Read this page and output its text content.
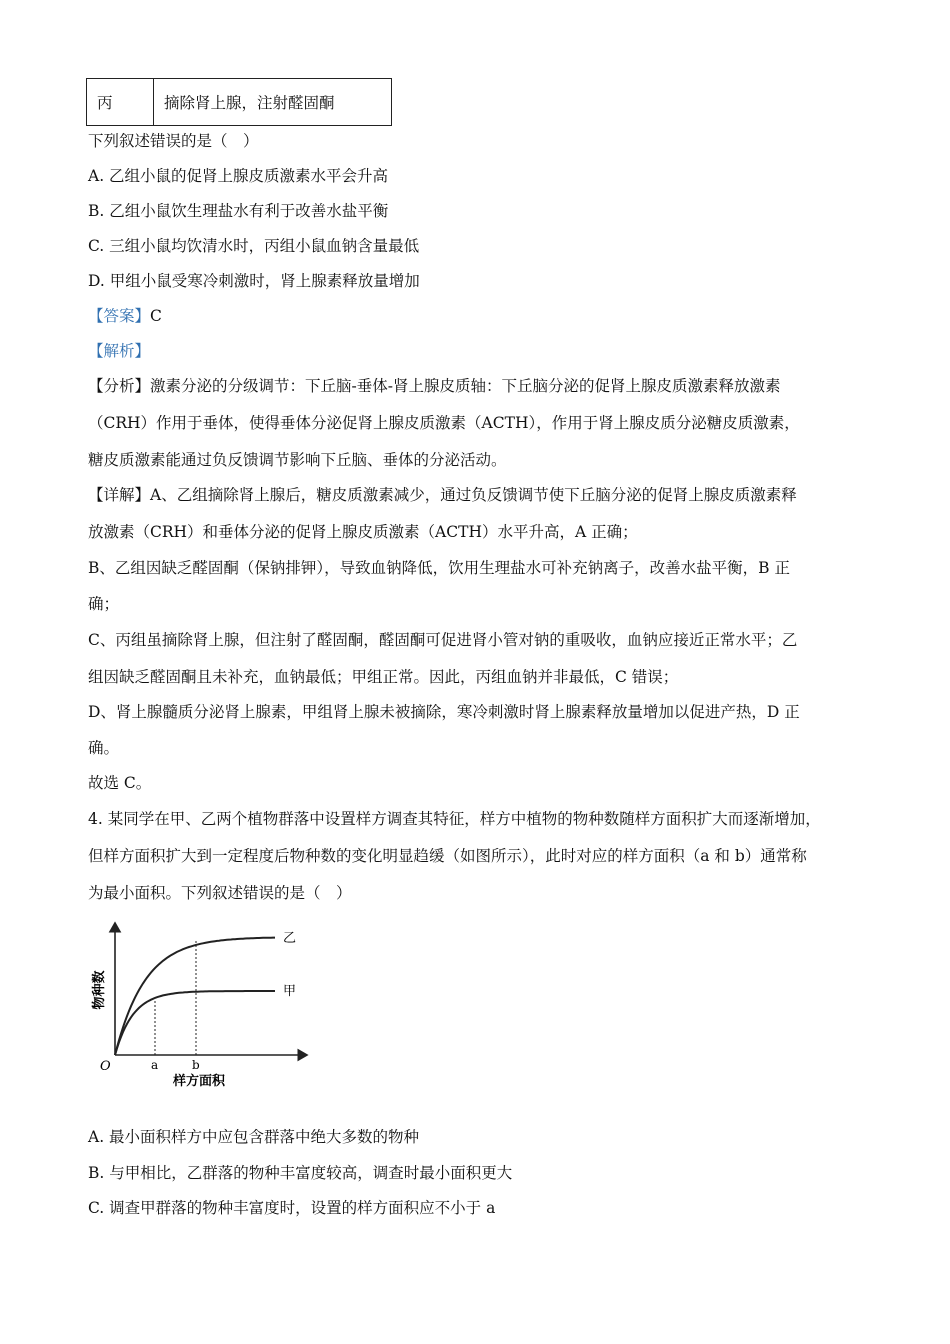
丙	摘除肾上腺，注射醛固酮
下列叙述错误的是（　）
A. 乙组小鼠的促肾上腺皮质激素水平会升高
B. 乙组小鼠饮生理盐水有利于改善水盐平衡
C. 三组小鼠均饮清水时，丙组小鼠血钠含量最低
D. 甲组小鼠受寒冷刺激时，肾上腺素释放量增加
【答案】C
【解析】
【分析】激素分泌的分级调节：下丘脑-垂体-肾上腺皮质轴：下丘脑分泌的促肾上腺皮质激素释放激素
（CRH）作用于垂体，使得垂体分泌促肾上腺皮质激素（ACTH），作用于肾上腺皮质分泌糖皮质激素，
糖皮质激素能通过负反馈调节影响下丘脑、垂体的分泌活动。
【详解】A、乙组摘除肾上腺后，糖皮质激素减少，通过负反馈调节使下丘脑分泌的促肾上腺皮质激素释
放激素（CRH）和垂体分泌的促肾上腺皮质激素（ACTH）水平升高，A 正确；
B、乙组因缺乏醛固酮（保钠排钾），导致血钠降低，饮用生理盐水可补充钠离子，改善水盐平衡，B 正
确；
C、丙组虽摘除肾上腺，但注射了醛固酮，醛固酮可促进肾小管对钠的重吸收，血钠应接近正常水平；乙
组因缺乏醛固酮且未补充，血钠最低；甲组正常。因此，丙组血钠并非最低，C 错误；
D、肾上腺髓质分泌肾上腺素，甲组肾上腺未被摘除，寒冷刺激时肾上腺素释放量增加以促进产热，D 正
确。
故选 C。
4. 某同学在甲、乙两个植物群落中设置样方调查其特征，样方中植物的物种数随样方面积扩大而逐渐增加，
但样方面积扩大到一定程度后物种数的变化明显趋缓（如图所示），此时对应的样方面积（a 和 b）通常称
为最小面积。下列叙述错误的是（　）
乙
甲
O	a	b
样方面积
物种数
A. 最小面积样方中应包含群落中绝大多数的物种
B. 与甲相比，乙群落的物种丰富度较高，调查时最小面积更大
C. 调查甲群落的物种丰富度时，设置的样方面积应不小于 a
